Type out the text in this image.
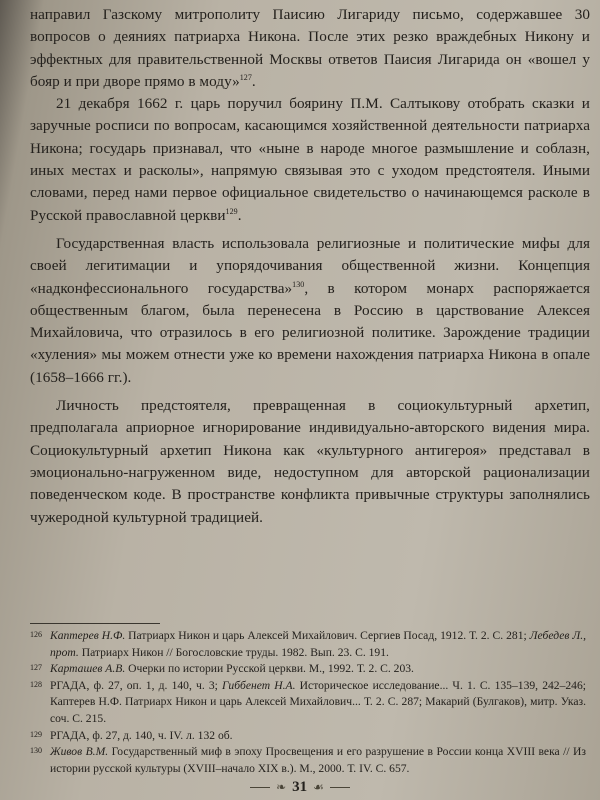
направил Газскому митрополиту Паисию Лигариду письмо, содержавшее 30 вопросов о деяниях патриарха Никона. После этих резко враждебных Никону и эффектных для правительственной Москвы ответов Паисия Лигарида он «вошел у бояр и при дворе прямо в моду»$^{127}$.

21 декабря 1662 г. царь поручил боярину П.М. Салтыкову отобрать сказки и заручные росписи по вопросам, касающимся хозяйственной деятельности патриарха Никона; государь признавал, что «ныне в народе многое размышление и соблазн, иных местах и расколы», напрямую связывая это с уходом предстоятеля. Иными словами, перед нами первое официальное свидетельство о начинающемся расколе в Русской православной церкви$^{129}$.

Государственная власть использовала религиозные и политические мифы для своей легитимации и упорядочивания общественной жизни. Концепция «надконфессионального государства»$^{130}$, в котором монарх распоряжается общественным благом, была перенесена в Россию в царствование Алексея Михайловича, что отразилось в его религиозной политике. Зарождение традиции «хуления» мы можем отнести уже ко времени нахождения патриарха Никона в опале (1658–1666 гг.).

Личность предстоятеля, превращенная в социокультурный архетип, предполагала априорное игнорирование индивидуально-авторского видения мира. Социокультурный архетип Никона как «культурного антигероя» представал в эмоционально-нагруженном виде, недоступном для авторской рационализации поведенческом коде. В пространстве конфликта привычные структуры заполнялись чужеродной культурной традицией.

126 Каптерев Н.Ф. Патриарх Никон и царь Алексей Михайлович. Сергиев Посад, 1912. Т. 2. С. 281; Лебедев Л., прот. Патриарх Никон // Богословские труды. 1982. Вып. 23. С. 191.
127 Карташев А.В. Очерки по истории Русской церкви. М., 1992. Т. 2. С. 203.
128 РГАДА, ф. 27, оп. 1, д. 140, ч. 3; Гиббенет Н.А. Историческое исследование... Ч. 1. С. 135–139, 242–246; Каптерев Н.Ф. Патриарх Никон и царь Алексей Михайлович... Т. 2. С. 287; Макарий (Булгаков), митр. Указ. соч. С. 215.
129 РГАДА, ф. 27, д. 140, ч. IV. л. 132 об.
130 Живов В.М. Государственный миф в эпоху Просвещения и его разрушение в России конца XVIII века // Из истории русской культуры (XVIII–начало XIX в.). М., 2000. Т. IV. С. 657.
❧ 31 ☙
